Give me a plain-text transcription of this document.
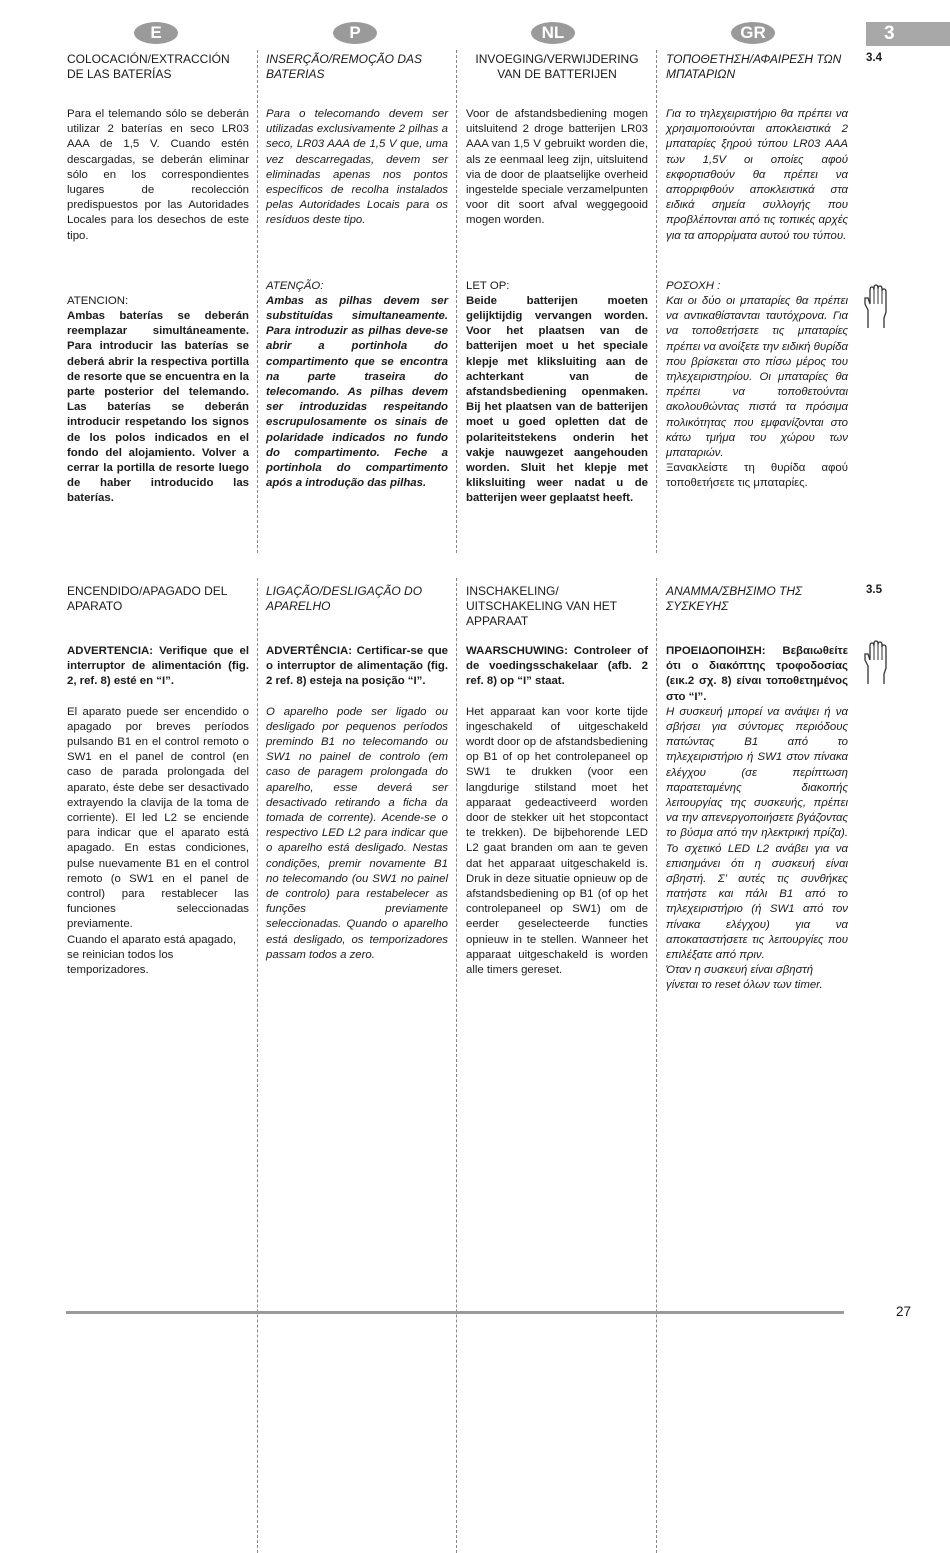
E	P	NL	GR	3
3.4

COLOCACIÓN/EXTRACCIÓN DE LAS BATERÍAS

Para el telemando sólo se deberán utilizar 2 baterías en seco LR03 AAA de 1,5 V. Cuando estén descargadas, se deberán eliminar sólo en los correspondientes lugares de recolección predispuestos por las Autoridades Locales para los desechos de este tipo.

ATENCION:

Ambas baterías se deberán reemplazar simultáneamente. Para introducir las baterías se deberá abrir la respectiva portilla de resorte que se encuentra en la parte posterior del telemando. Las baterías se deberán introducir respetando los signos de los polos indicados en el fondo del alojamiento. Volver a cerrar la portilla de resorte luego de haber introducido las baterías.

INSERÇÃO/REMOÇÃO DAS BATERIAS

Para o telecomando devem ser utilizadas exclusivamente 2 pilhas a seco, LR03 AAA de 1,5 V que, uma vez descarregadas, devem ser eliminadas apenas nos pontos específicos de recolha instalados pelas Autoridades Locais para os resíduos deste tipo.

ATENÇÃO:

Ambas as pilhas devem ser substituídas simultaneamente. Para introduzir as pilhas deve-se abrir a portinhola do compartimento que se encontra na parte traseira do telecomando. As pilhas devem ser introduzidas respeitando escrupulosamente os sinais de polaridade indicados no fundo do compartimento. Feche a portinhola do compartimento após a introdução das pilhas.

INVOEGING/VERWIJDERING VAN DE BATTERIJEN

Voor de afstandsbediening mogen uitsluitend 2 droge batterijen LR03 AAA van 1,5 V gebruikt worden die, als ze eenmaal leeg zijn, uitsluitend via de door de plaatselijke overheid ingestelde speciale verzamelpunten voor dit soort afval weggegooid mogen worden.

LET OP:

Beide batterijen moeten gelijktijdig vervangen worden. Voor het plaatsen van de batterijen moet u het speciale klepje met kliksluiting aan de achterkant van de afstandsbediening openmaken. Bij het plaatsen van de batterijen moet u goed opletten dat de polariteitstekens onderin het vakje nauwgezet aangehouden worden. Sluit het klepje met kliksluiting weer nadat u de batterijen weer geplaatst heeft.

ΤΟΠΟΘΕΤΗΣΗ/ΑΦΑΙΡΕΣΗ ΤΩΝ ΜΠΑΤΑΡΙΩΝ

Για το τηλεχειριστήριο θα πρέπει να χρησιμοποιούνται αποκλειστικά 2 μπαταρίες ξηρού τύπου LR03 AAA των 1,5V οι οποίες αφού εκφορτισθούν θα πρέπει να απορριφθούν αποκλειστικά στα ειδικά σημεία συλλογής που προβλέπονται από τις τοπικές αρχές για τα απορρίματα αυτού του τύπου.

ΡΟΣΟΧΗ :

Και οι δύο οι μπαταρίες θα πρέπει να αντικαθίστανται ταυτόχρονα. Για να τοποθετήσετε τις μπαταρίες πρέπει να ανοίξετε την ειδική θυρίδα που βρίσκεται στο πίσω μέρος του τηλεχειριστηρίου. Οι μπαταρίες θα πρέπει να τοποθετούνται ακολουθώντας πιστά τα πρόσιμα πολικότητας που εμφανίζονται στο κάτω τμήμα του χώρου των μπαταριών.

Ξανακλείστε τη θυρίδα αφού τοποθετήσετε τις μπαταρίες.

3.5

ENCENDIDO/APAGADO DEL APARATO

ADVERTENCIA: Verifique que el interruptor de alimentación (fig. 2, ref. 8) esté en “I”.

El aparato puede ser encendido o apagado por breves períodos pulsando B1 en el control remoto o SW1 en el panel de control (en caso de parada prolongada del aparato, éste debe ser desactivado extrayendo la clavija de la toma de corriente). El led L2 se enciende para indicar que el aparato está apagado. En estas condiciones, pulse nuevamente B1 en el control remoto (o SW1 en el panel de control) para restablecer las funciones seleccionadas previamente.

Cuando el aparato está apagado, se reinician todos los temporizadores.

LIGAÇÃO/DESLIGAÇÃO DO APARELHO

ADVERTÊNCIA: Certificar-se que o interruptor de alimentação (fig. 2 ref. 8) esteja na posição “I”.

O aparelho pode ser ligado ou desligado por pequenos períodos premindo B1 no telecomando ou SW1 no painel de controlo (em caso de paragem prolongada do aparelho, esse deverá ser desactivado retirando a ficha da tomada de corrente). Acende-se o respectivo LED L2 para indicar que o aparelho está desligado. Nestas condições, premir novamente B1 no telecomando (ou SW1 no painel de controlo) para restabelecer as funções previamente seleccionadas. Quando o aparelho está desligado, os temporizadores passam todos a zero.

INSCHAKELING/ UITSCHAKELING VAN HET APPARAAT

WAARSCHUWING: Controleer of de voedingsschakelaar (afb. 2 ref. 8) op “I” staat.

Het apparaat kan voor korte tijde ingeschakeld of uitgeschakeld wordt door op de afstandsbediening op B1 of op het controlepaneel op SW1 te drukken (voor een langdurige stilstand moet het apparaat gedeactiveerd worden door de stekker uit het stopcontact te trekken). De bijbehorende LED L2 gaat branden om aan te geven dat het apparaat uitgeschakeld is. Druk in deze situatie opnieuw op de afstandsbediening op B1 (of op het controlepaneel op SW1) om de eerder geselecteerde functies opnieuw in te stellen. Wanneer het apparaat uitgeschakeld is worden alle timers gereset.

ΑΝΑΜΜΑ/ΣΒΗΣΙΜΟ ΤΗΣ ΣΥΣΚΕΥΗΣ

ΠΡΟΕΙΔΟΠΟΙΗΣΗ: Βεβαιωθείτε ότι ο διακόπτης τροφοδοσίας (εικ.2 σχ. 8) είναι τοποθετημένος στο “I”.

Η συσκευή μπορεί να ανάψει ή να σβήσει για σύντομες περιόδους πατώντας B1 από το τηλεχειριστήριο ή SW1 στον πίνακα ελέγχου (σε περίπτωση παρατεταμένης διακοπής λειτουργίας της συσκευής, πρέπει να την απενεργοποιήσετε βγάζοντας το βύσμα από την ηλεκτρική πρίζα). Το σχετικό LED L2 ανάβει για να επισημάνει ότι η συσκευή είναι σβηστή. Σ’ αυτές τις συνθήκες πατήστε και πάλι B1 από το τηλεχειριστήριο (ή SW1 από τον πίνακα ελέγχου) για να αποκαταστήσετε τις λειτουργίες που επιλέξατε από πριν.

Όταν η συσκευή είναι σβηστή γίνεται το reset όλων των timer.

27
